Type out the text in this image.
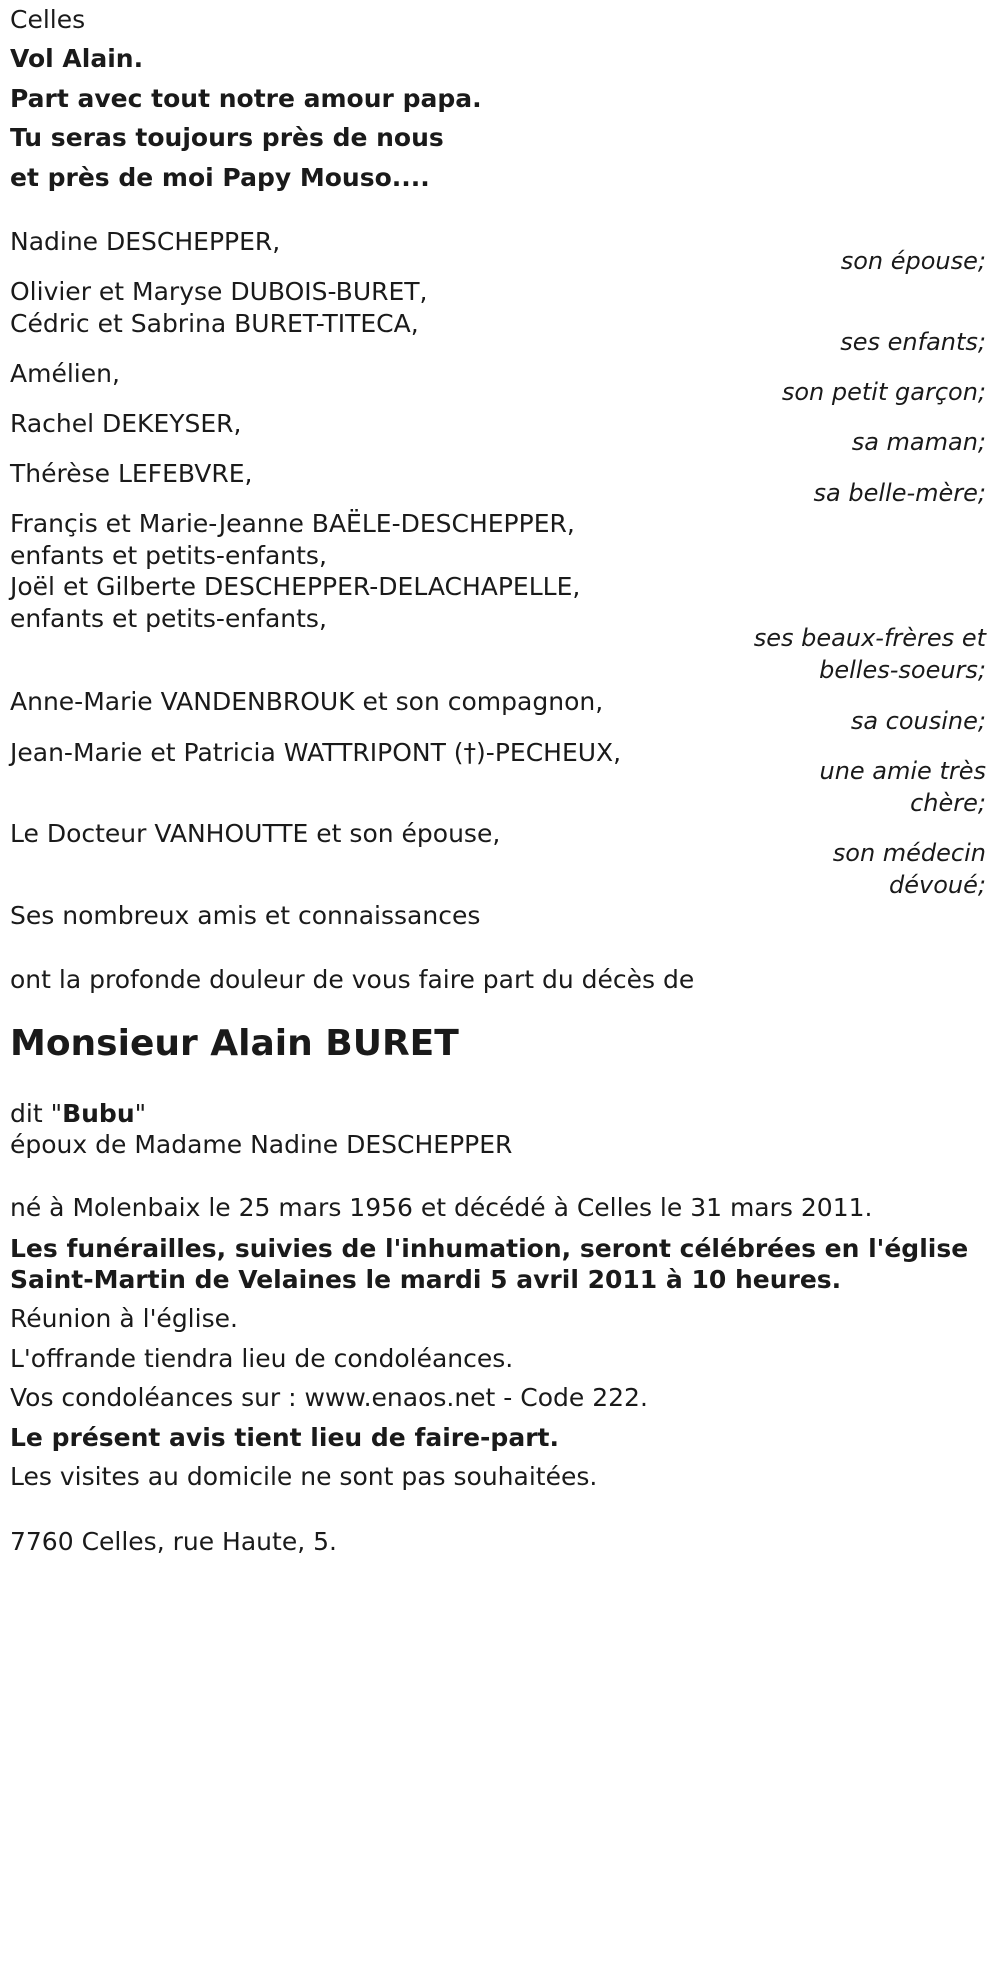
Celles
Vol Alain.
Part avec tout notre amour papa.
Tu seras toujours près de nous
et près de moi Papy Mouso....
Nadine DESCHEPPER,
son épouse;
Olivier et Maryse DUBOIS-BURET,
Cédric et Sabrina BURET-TITECA,
ses enfants;
Amélien,
son petit garçon;
Rachel DEKEYSER,
sa maman;
Thérèse LEFEBVRE,
sa belle-mère;
Françis et Marie-Jeanne BAËLE-DESCHEPPER,
enfants et petits-enfants,
Joël et Gilberte DESCHEPPER-DELACHAPELLE,
enfants et petits-enfants,
ses beaux-frères et
belles-soeurs;
Anne-Marie VANDENBROUK et son compagnon,
sa cousine;
Jean-Marie et Patricia WATTRIPONT (†)-PECHEUX,
une amie très
chère;
Le Docteur VANHOUTTE et son épouse,
son médecin
dévoué;
Ses nombreux amis et connaissances
ont la profonde douleur de vous faire part du décès de
Monsieur Alain BURET
dit "Bubu"
époux de Madame Nadine DESCHEPPER
né à Molenbaix le 25 mars 1956 et décédé à Celles le 31 mars 2011.
Les funérailles, suivies de l'inhumation, seront célébrées en l'église
Saint-Martin de Velaines le mardi 5 avril 2011 à 10 heures.
Réunion à l'église.
L'offrande tiendra lieu de condoléances.
Vos condoléances sur : www.enaos.net - Code 222.
Le présent avis tient lieu de faire-part.
Les visites au domicile ne sont pas souhaitées.
7760 Celles, rue Haute, 5.
